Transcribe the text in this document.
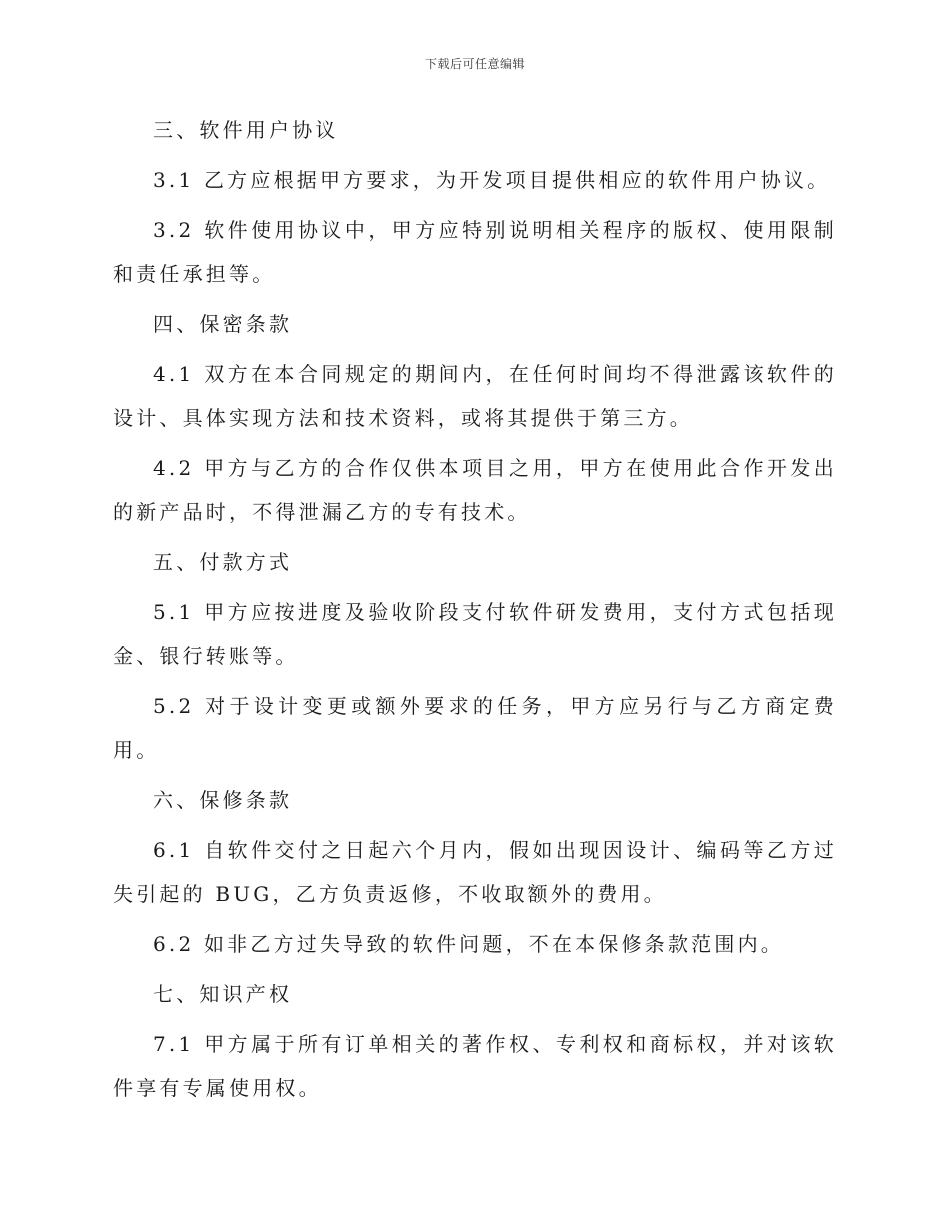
下载后可任意编辑

三、软件用户协议

3.1 乙方应根据甲方要求，为开发项目提供相应的软件用户协议。

3.2 软件使用协议中，甲方应特别说明相关程序的版权、使用限制和责任承担等。

四、保密条款

4.1 双方在本合同规定的期间内，在任何时间均不得泄露该软件的设计、具体实现方法和技术资料，或将其提供于第三方。

4.2 甲方与乙方的合作仅供本项目之用，甲方在使用此合作开发出的新产品时，不得泄漏乙方的专有技术。

五、付款方式

5.1 甲方应按进度及验收阶段支付软件研发费用，支付方式包括现金、银行转账等。

5.2 对于设计变更或额外要求的任务，甲方应另行与乙方商定费用。

六、保修条款

6.1 自软件交付之日起六个月内，假如出现因设计、编码等乙方过失引起的 BUG，乙方负责返修，不收取额外的费用。

6.2 如非乙方过失导致的软件问题，不在本保修条款范围内。

七、知识产权

7.1 甲方属于所有订单相关的著作权、专利权和商标权，并对该软件享有专属使用权。
